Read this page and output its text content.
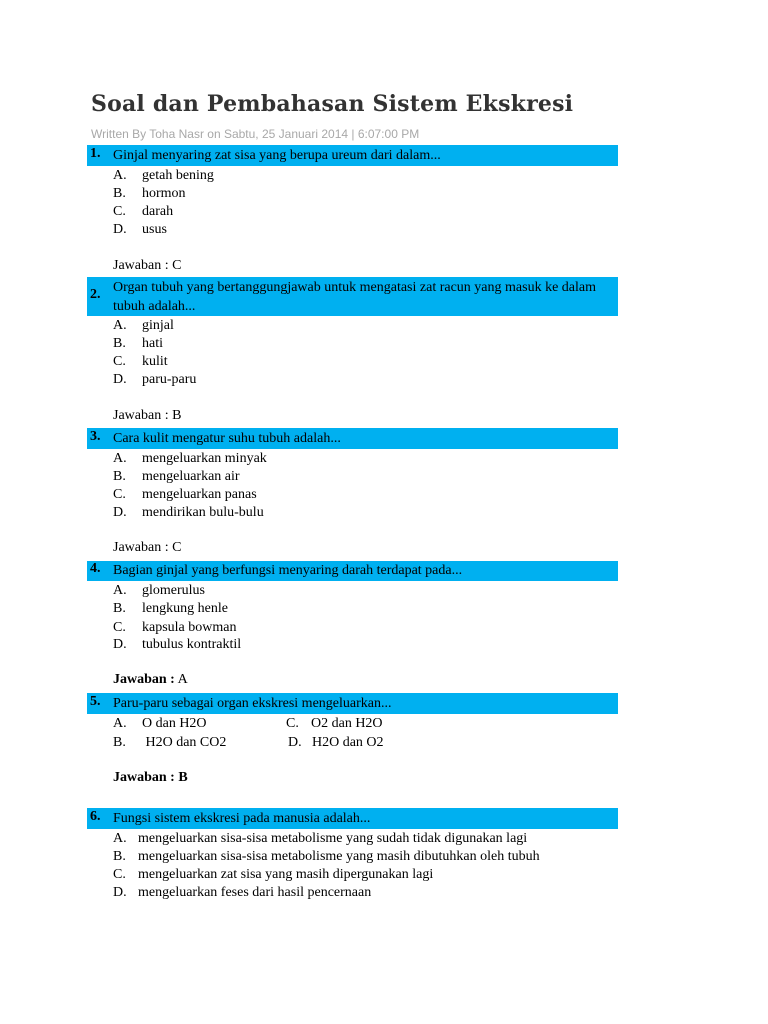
Soal dan Pembahasan Sistem Ekskresi
Written By Toha Nasr on Sabtu, 25 Januari 2014 | 6:07:00 PM
1. Ginjal menyaring zat sisa yang berupa ureum dari dalam...
A. getah bening
B. hormon
C. darah
D. usus
Jawaban : C
2. Organ tubuh yang bertanggungjawab untuk mengatasi zat racun yang masuk ke dalam tubuh adalah...
A. ginjal
B. hati
C. kulit
D. paru-paru
Jawaban : B
3. Cara kulit mengatur suhu tubuh adalah...
A. mengeluarkan minyak
B. mengeluarkan air
C. mengeluarkan panas
D. mendirikan bulu-bulu
Jawaban : C
4. Bagian ginjal yang berfungsi menyaring darah terdapat pada...
A. glomerulus
B. lengkung henle
C. kapsula bowman
D. tubulus kontraktil
Jawaban : A
5. Paru-paru sebagai organ ekskresi mengeluarkan...
A. O dan H2O	C. O2 dan H2O
B. H2O dan CO2	D. H2O dan O2
Jawaban : B
6. Fungsi sistem ekskresi pada manusia adalah...
A. mengeluarkan sisa-sisa metabolisme yang sudah tidak digunakan lagi
B. mengeluarkan sisa-sisa metabolisme yang masih dibutuhkan oleh tubuh
C. mengeluarkan zat sisa yang masih dipergunakan lagi
D. mengeluarkan feses dari hasil pencernaan
